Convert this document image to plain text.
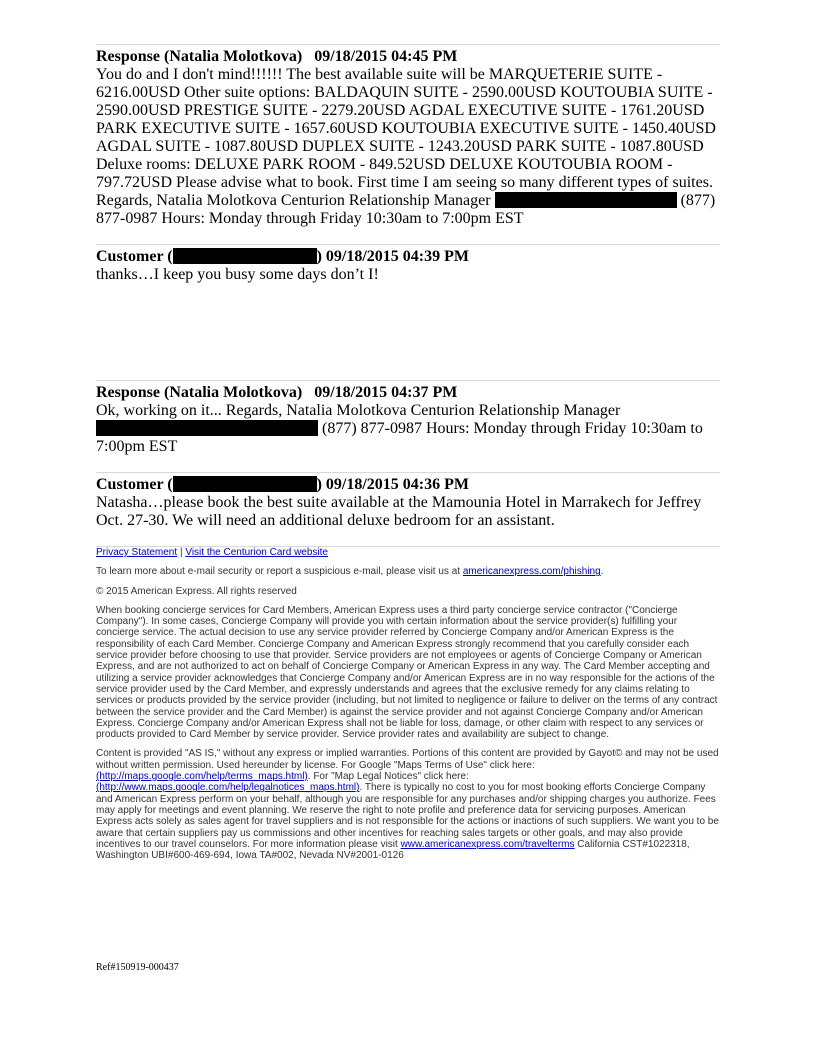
Response (Natalia Molotkova) 09/18/2015 04:45 PM
You do and I don't mind!!!!!! The best available suite will be MARQUETERIE SUITE - 6216.00USD Other suite options: BALDAQUIN SUITE - 2590.00USD KOUTOUBIA SUITE - 2590.00USD PRESTIGE SUITE - 2279.20USD AGDAL EXECUTIVE SUITE - 1761.20USD PARK EXECUTIVE SUITE - 1657.60USD KOUTOUBIA EXECUTIVE SUITE - 1450.40USD AGDAL SUITE - 1087.80USD DUPLEX SUITE - 1243.20USD PARK SUITE - 1087.80USD Deluxe rooms: DELUXE PARK ROOM - 849.52USD DELUXE KOUTOUBIA ROOM - 797.72USD Please advise what to book. First time I am seeing so many different types of suites. Regards, Natalia Molotkova Centurion Relationship Manager	(877) 877-0987 Hours: Monday through Friday 10:30am to 7:00pm EST
Customer (	) 09/18/2015 04:39 PM
thanks…I keep you busy some days don’t I!
Response (Natalia Molotkova) 09/18/2015 04:37 PM
Ok, working on it... Regards, Natalia Molotkova Centurion Relationship Manager  (877) 877-0987 Hours: Monday through Friday 10:30am to 7:00pm EST
Customer (	) 09/18/2015 04:36 PM
Natasha…please book the best suite available at the Mamounia Hotel in Marrakech for Jeffrey Oct. 27-30. We will need an additional deluxe bedroom for an assistant.

Privacy Statement | Visit the Centurion Card website

To learn more about e-mail security or report a suspicious e-mail, please visit us at americanexpress.com/phishing.

© 2015 American Express. All rights reserved

When booking concierge services for Card Members, American Express uses a third party concierge service contractor ("Concierge Company"). In some cases, Concierge Company will provide you with certain information about the service provider(s) fulfilling your concierge service. The actual decision to use any service provider referred by Concierge Company and/or American Express is the responsibility of each Card Member. Concierge Company and American Express strongly recommend that you carefully consider each service provider before choosing to use that provider. Service providers are not employees or agents of Concierge Company or American Express, and are not authorized to act on behalf of Concierge Company or American Express in any way. The Card Member accepting and utilizing a service provider acknowledges that Concierge Company and/or American Express are in no way responsible for the actions of the service provider used by the Card Member, and expressly understands and agrees that the exclusive remedy for any claims relating to services or products provided by the service provider (including, but not limited to negligence or failure to deliver on the terms of any contract between the service provider and the Card Member) is against the service provider and not against Concierge Company and/or American Express. Concierge Company and/or American Express shall not be liable for loss, damage, or other claim with respect to any services or products provided to Card Member by service provider. Service provider rates and availability are subject to change.

Content is provided "AS IS," without any express or implied warranties. Portions of this content are provided by Gayot© and may not be used without written permission. Used hereunder by license. For Google "Maps Terms of Use" click here: (http://maps.google.com/help/terms_maps.html). For "Map Legal Notices" click here: (http://www.maps.google.com/help/legalnotices_maps.html). There is typically no cost to you for most booking efforts Concierge Company and American Express perform on your behalf, although you are responsible for any purchases and/or shipping charges you authorize. Fees may apply for meetings and event planning. We reserve the right to note profile and preference data for servicing purposes. American Express acts solely as sales agent for travel suppliers and is not responsible for the actions or inactions of such suppliers. We want you to be aware that certain suppliers pay us commissions and other incentives for reaching sales targets or other goals, and may also provide incentives to our travel counselors. For more information please visit www.americanexpress.com/travelterms California CST#1022318, Washington UBI#600-469-694, Iowa TA#002, Nevada NV#2001-0126

Ref#150919-000437
